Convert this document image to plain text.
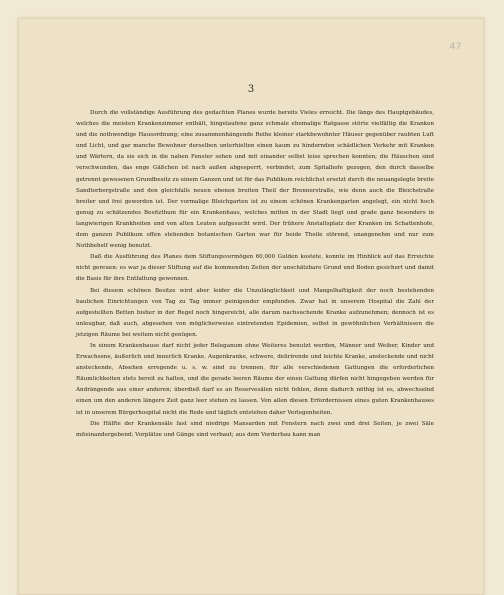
47
3

Durch die vollständige Ausführung des gedachten Planes wurde bereits Vieles erreicht. Die längs des Hauptgebäudes, welches die meisten Krankenzimmer enthält, hingelaufene ganz schmale ehemalige Ratgasse störte vielfältig die Kranken und die nothwendige Hausordnung; eine zusammenhängende Reihe kleiner starkbewohnter Häuser gegenüber raubten Luft und Licht, und gar manche Bewohner derselben unterhielten einen kaum zu hindernden schädlichen Verkehr mit Kranken und Wärtern, da sie sich in die nahen Fenster sehen und mit einander selbst leise sprechen konnten; die Häuschen sind verschwunden, das enge Gäßchen ist nach außen abgesperrt, verbindet, zum Spitalhofe gezogen, den durch dasselbe getrennt gewesenen Grundbesitz zu einem Ganzen und ist für das Publikum reichlichst ersetzt durch die neuangelegte breite Sandtorbergstraße und den gleichfalls neuen ebenen breiten Theil der Brennerstraße, wie denn auch die Bleichstraße breiter und frei geworden ist. Der vormalige Bleichgarten ist zu einem schönen Krankengarten angelegt, ein nicht hoch genug zu schätzendes Besitzthum für ein Krankenhaus, welches mitten in der Stadt liegt und grade ganz besonders in langwierigen Krankheiten und von alten Leuten aufgesucht wird. Der frühere Anstaltsplatz der Kranken im Schattenhofe, dem ganzen Publikum offen stehenden botanischen Garten war für beide Theile störend, unangenehm und nur zum Nothbehelf wenig benutzt.

Daß die Ausführung des Planes dem Stiftungsvermögen 60,000 Gulden kostete, konnte im Hinblick auf das Erreichte nicht gereuen: es war ja dieser Stiftung auf die kommenden Zeiten der unschätzbare Grund und Boden gesichert und damit die Basis für ihre Entfaltung gewonnen.

Bei diesem schönen Besitze wird aber leider die Unzulänglichkeit und Mangelhaftigkeit der noch bestehenden baulichen Einrichtungen von Tag zu Tag immer peinigender empfunden. Zwar hat in unserem Hospital die Zahl der aufgestellten Betten bisher in der Regel noch hingereicht, alle darum nachsuchende Kranke aufzunehmen; dennoch ist es unleugbar, daß auch, abgesehen von möglicherweise eintretenden Epidemien, selbst in gewöhnlichen Verhältnissen die jetzigen Räume bei weitem nicht genügen.

In einem Krankenhause darf nicht jeder Beleganum ohne Weiteres benutzt werden, Männer und Weiber, Kinder und Erwachsene, äußerlich und innerlich Kranke, Augenkranke, schwere, delirirende und leichte Kranke, ansteckende und nicht ansteckende, Absehen erregende u. s. w. sind zu trennen, für alle verschiedenen Gattungen die erforderlichen Räumlichkeiten stets bereit zu halten, und die gerade leeren Räume der einen Gattung dürfen nicht hingegeben werden für Andrängende aus einer anderen; überdieß darf es an Reservesälen nicht fehlen, denn dadurch nöthig ist es, abwechselnd einen um den anderen längere Zeit ganz leer stehen zu lassen. Von allen diesen Erfordernissen eines guten Krankenhauses ist in unserem Bürgerhospital nicht die Rede und täglich entstehen daher Verlegenheiten.

Die Hälfte der Krankensäle fast sind niedrige Mansarden mit Fenstern nach zwei und drei Seiten, je zwei Säle miteinandergebend; Vorplätze und Gänge sind verbaut; aus dem Vorderbau kann man
